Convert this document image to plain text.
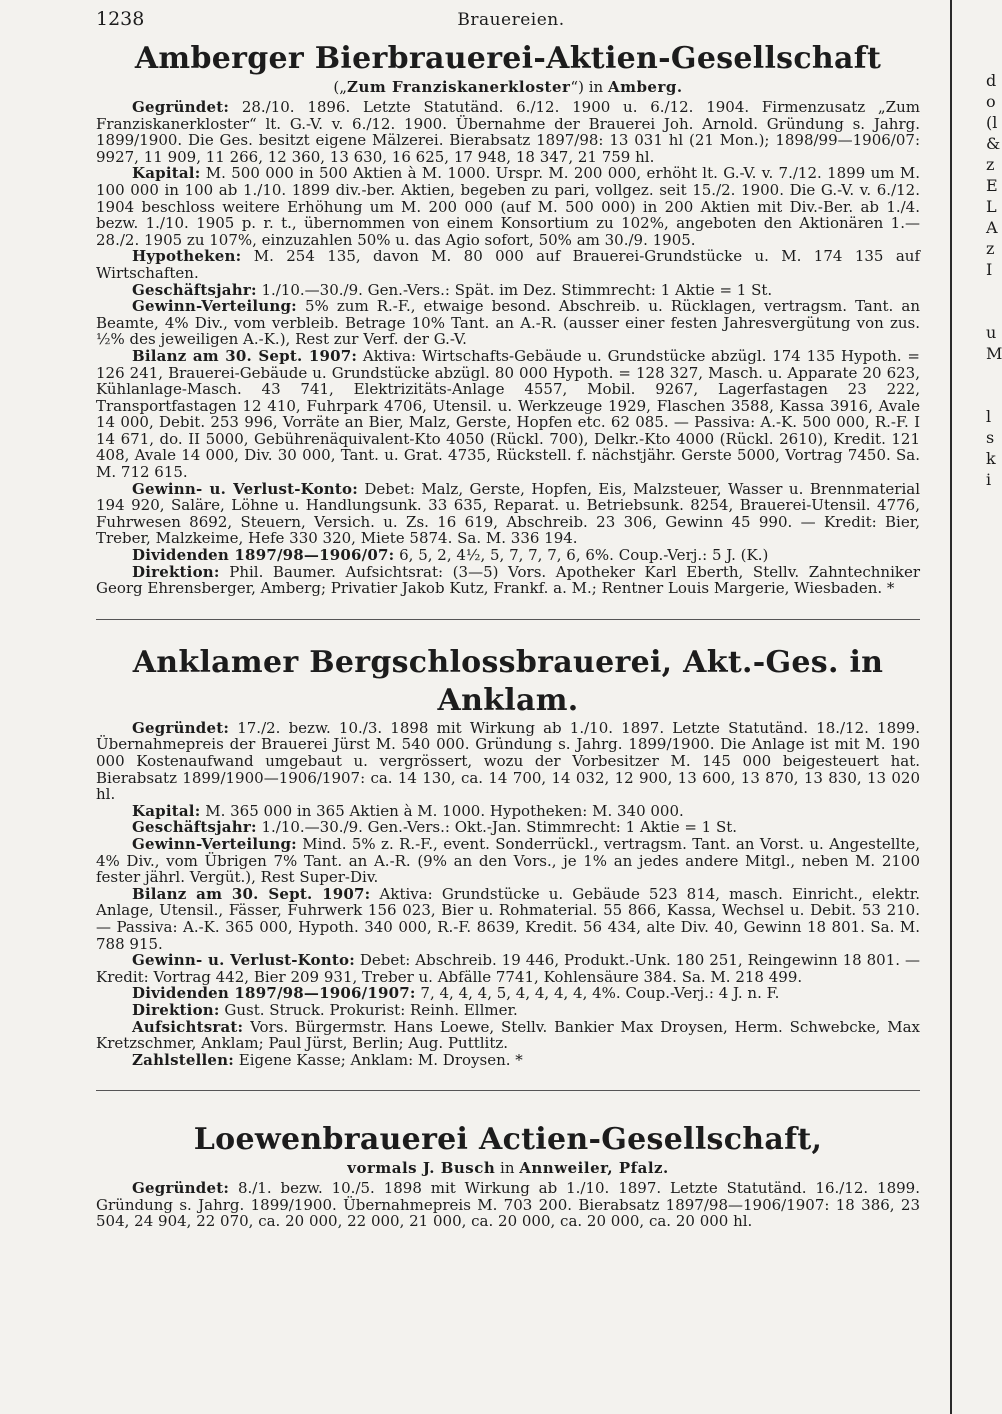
1238	Brauereien.
d
o
(l
&
z
E
L
A
z
I
u
M
l
s
k
i
Amberger Bierbrauerei-Aktien-Gesellschaft
(„Zum Franziskanerkloster“) in Amberg.

Gegründet: 28./10. 1896. Letzte Statutänd. 6./12. 1900 u. 6./12. 1904. Firmenzusatz „Zum Franziskanerkloster“ lt. G.-V. v. 6./12. 1900. Übernahme der Brauerei Joh. Arnold. Gründung s. Jahrg. 1899/1900. Die Ges. besitzt eigene Mälzerei. Bierabsatz 1897/98: 13 031 hl (21 Mon.); 1898/99—1906/07: 9927, 11 909, 11 266, 12 360, 13 630, 16 625, 17 948, 18 347, 21 759 hl.

Kapital: M. 500 000 in 500 Aktien à M. 1000. Urspr. M. 200 000, erhöht lt. G.-V. v. 7./12. 1899 um M. 100 000 in 100 ab 1./10. 1899 div.-ber. Aktien, begeben zu pari, vollgez. seit 15./2. 1900. Die G.-V. v. 6./12. 1904 beschloss weitere Erhöhung um M. 200 000 (auf M. 500 000) in 200 Aktien mit Div.-Ber. ab 1./4. bezw. 1./10. 1905 p. r. t., übernommen von einem Konsortium zu 102%, angeboten den Aktionären 1.—28./2. 1905 zu 107%, einzuzahlen 50% u. das Agio sofort, 50% am 30./9. 1905.

Hypotheken: M. 254 135, davon M. 80 000 auf Brauerei-Grundstücke u. M. 174 135 auf Wirtschaften.

Geschäftsjahr: 1./10.—30./9. Gen.-Vers.: Spät. im Dez. Stimmrecht: 1 Aktie = 1 St.

Gewinn-Verteilung: 5% zum R.-F., etwaige besond. Abschreib. u. Rücklagen, vertragsm. Tant. an Beamte, 4% Div., vom verbleib. Betrage 10% Tant. an A.-R. (ausser einer festen Jahresvergütung von zus. ½% des jeweiligen A.-K.), Rest zur Verf. der G.-V.

Bilanz am 30. Sept. 1907: Aktiva: Wirtschafts-Gebäude u. Grundstücke abzügl. 174 135 Hypoth. = 126 241, Brauerei-Gebäude u. Grundstücke abzügl. 80 000 Hypoth. = 128 327, Masch. u. Apparate 20 623, Kühlanlage-Masch. 43 741, Elektrizitäts-Anlage 4557, Mobil. 9267, Lagerfastagen 23 222, Transportfastagen 12 410, Fuhrpark 4706, Utensil. u. Werkzeuge 1929, Flaschen 3588, Kassa 3916, Avale 14 000, Debit. 253 996, Vorräte an Bier, Malz, Gerste, Hopfen etc. 62 085. — Passiva: A.-K. 500 000, R.-F. I 14 671, do. II 5000, Gebührenäquivalent-Kto 4050 (Rückl. 700), Delkr.-Kto 4000 (Rückl. 2610), Kredit. 121 408, Avale 14 000, Div. 30 000, Tant. u. Grat. 4735, Rückstell. f. nächstjähr. Gerste 5000, Vortrag 7450. Sa. M. 712 615.

Gewinn- u. Verlust-Konto: Debet: Malz, Gerste, Hopfen, Eis, Malzsteuer, Wasser u. Brennmaterial 194 920, Saläre, Löhne u. Handlungsunk. 33 635, Reparat. u. Betriebsunk. 8254, Brauerei-Utensil. 4776, Fuhrwesen 8692, Steuern, Versich. u. Zs. 16 619, Abschreib. 23 306, Gewinn 45 990. — Kredit: Bier, Treber, Malzkeime, Hefe 330 320, Miete 5874. Sa. M. 336 194.

Dividenden 1897/98—1906/07: 6, 5, 2, 4½, 5, 7, 7, 7, 6, 6%. Coup.-Verj.: 5 J. (K.)

Direktion: Phil. Baumer. Aufsichtsrat: (3—5) Vors. Apotheker Karl Eberth, Stellv. Zahntechniker Georg Ehrensberger, Amberg; Privatier Jakob Kutz, Frankf. a. M.; Rentner Louis Margerie, Wiesbaden. *

Anklamer Bergschlossbrauerei, Akt.-Ges. in Anklam.

Gegründet: 17./2. bezw. 10./3. 1898 mit Wirkung ab 1./10. 1897. Letzte Statutänd. 18./12. 1899. Übernahmepreis der Brauerei Jürst M. 540 000. Gründung s. Jahrg. 1899/1900. Die Anlage ist mit M. 190 000 Kostenaufwand umgebaut u. vergrössert, wozu der Vorbesitzer M. 145 000 beigesteuert hat. Bierabsatz 1899/1900—1906/1907: ca. 14 130, ca. 14 700, 14 032, 12 900, 13 600, 13 870, 13 830, 13 020 hl.

Kapital: M. 365 000 in 365 Aktien à M. 1000. Hypotheken: M. 340 000.

Geschäftsjahr: 1./10.—30./9. Gen.-Vers.: Okt.-Jan. Stimmrecht: 1 Aktie = 1 St.

Gewinn-Verteilung: Mind. 5% z. R.-F., event. Sonderrückl., vertragsm. Tant. an Vorst. u. Angestellte, 4% Div., vom Übrigen 7% Tant. an A.-R. (9% an den Vors., je 1% an jedes andere Mitgl., neben M. 2100 fester jährl. Vergüt.), Rest Super-Div.

Bilanz am 30. Sept. 1907: Aktiva: Grundstücke u. Gebäude 523 814, masch. Einricht., elektr. Anlage, Utensil., Fässer, Fuhrwerk 156 023, Bier u. Rohmaterial. 55 866, Kassa, Wechsel u. Debit. 53 210. — Passiva: A.-K. 365 000, Hypoth. 340 000, R.-F. 8639, Kredit. 56 434, alte Div. 40, Gewinn 18 801. Sa. M. 788 915.

Gewinn- u. Verlust-Konto: Debet: Abschreib. 19 446, Produkt.-Unk. 180 251, Reingewinn 18 801. — Kredit: Vortrag 442, Bier 209 931, Treber u. Abfälle 7741, Kohlensäure 384. Sa. M. 218 499.

Dividenden 1897/98—1906/1907: 7, 4, 4, 4, 5, 4, 4, 4, 4, 4%. Coup.-Verj.: 4 J. n. F.

Direktion: Gust. Struck. Prokurist: Reinh. Ellmer.

Aufsichtsrat: Vors. Bürgermstr. Hans Loewe, Stellv. Bankier Max Droysen, Herm. Schwebcke, Max Kretzschmer, Anklam; Paul Jürst, Berlin; Aug. Puttlitz.

Zahlstellen: Eigene Kasse; Anklam: M. Droysen. *

Loewenbrauerei Actien-Gesellschaft,
vormals J. Busch in Annweiler, Pfalz.

Gegründet: 8./1. bezw. 10./5. 1898 mit Wirkung ab 1./10. 1897. Letzte Statutänd. 16./12. 1899. Gründung s. Jahrg. 1899/1900. Übernahmepreis M. 703 200. Bierabsatz 1897/98—1906/1907: 18 386, 23 504, 24 904, 22 070, ca. 20 000, 22 000, 21 000, ca. 20 000, ca. 20 000, ca. 20 000 hl.
